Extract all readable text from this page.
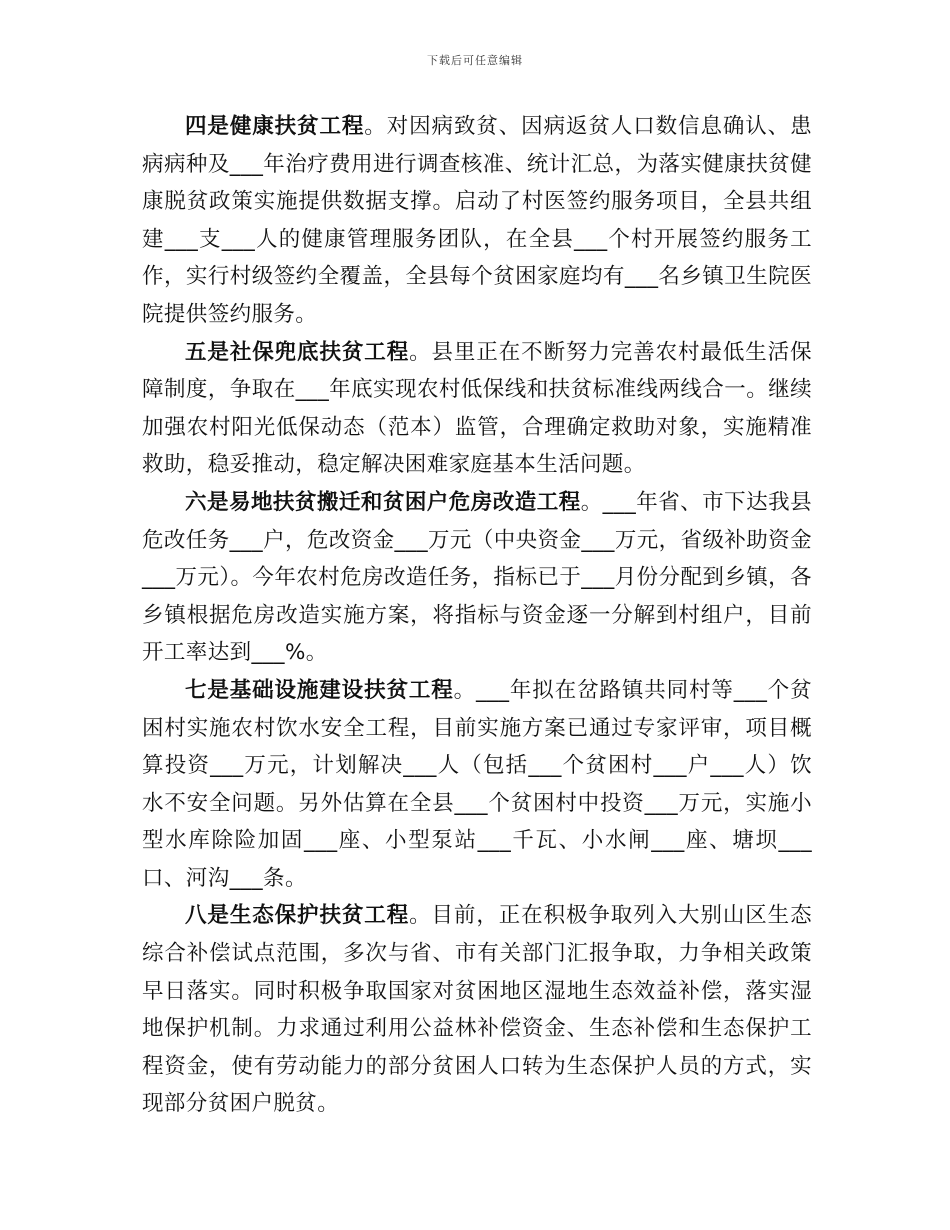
下载后可任意编辑

四是健康扶贫工程。对因病致贫、因病返贫人口数信息确认、患病病种及___年治疗费用进行调查核准、统计汇总，为落实健康扶贫健康脱贫政策实施提供数据支撑。启动了村医签约服务项目，全县共组建___支___人的健康管理服务团队，在全县___个村开展签约服务工作，实行村级签约全覆盖，全县每个贫困家庭均有___名乡镇卫生院医院提供签约服务。

五是社保兜底扶贫工程。县里正在不断努力完善农村最低生活保障制度，争取在___年底实现农村低保线和扶贫标准线两线合一。继续加强农村阳光低保动态（范本）监管，合理确定救助对象，实施精准救助，稳妥推动，稳定解决困难家庭基本生活问题。

六是易地扶贫搬迁和贫困户危房改造工程。___年省、市下达我县危改任务___户，危改资金___万元（中央资金___万元，省级补助资金___万元）。今年农村危房改造任务，指标已于___月份分配到乡镇，各乡镇根据危房改造实施方案，将指标与资金逐一分解到村组户，目前开工率达到___%。

七是基础设施建设扶贫工程。___年拟在岔路镇共同村等___个贫困村实施农村饮水安全工程，目前实施方案已通过专家评审，项目概算投资___万元，计划解决___人（包括___个贫困村___户___人）饮水不安全问题。另外估算在全县___个贫困村中投资___万元，实施小型水库除险加固___座、小型泵站___千瓦、小水闸___座、塘坝___口、河沟___条。

八是生态保护扶贫工程。目前，正在积极争取列入大别山区生态综合补偿试点范围，多次与省、市有关部门汇报争取，力争相关政策早日落实。同时积极争取国家对贫困地区湿地生态效益补偿，落实湿地保护机制。力求通过利用公益林补偿资金、生态补偿和生态保护工程资金，使有劳动能力的部分贫困人口转为生态保护人员的方式，实现部分贫困户脱贫。
